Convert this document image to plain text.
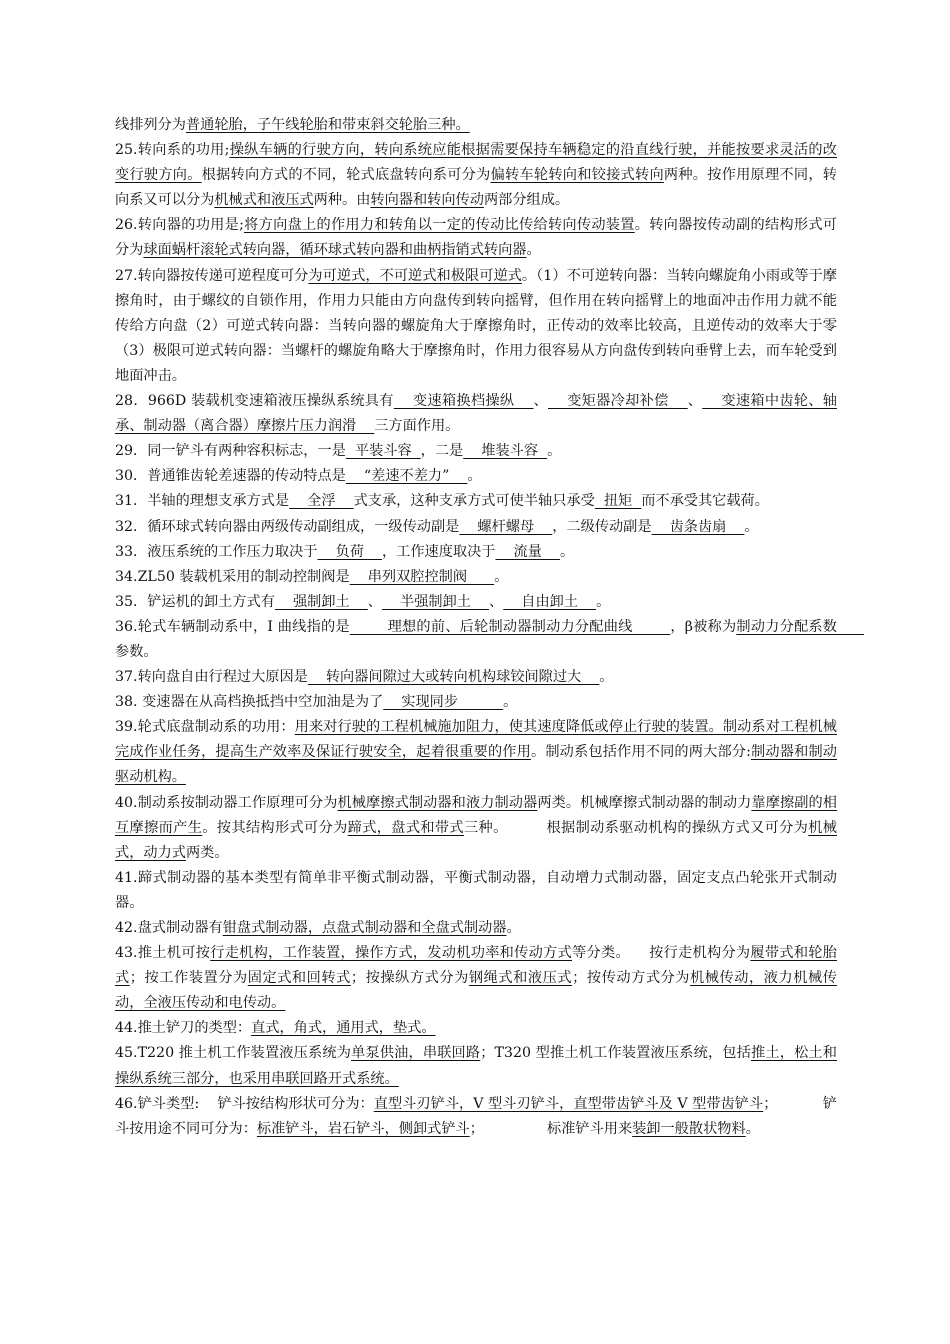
线排列分为普通轮胎，子午线轮胎和带束斜交轮胎三种。

25.转向系的功用;操纵车辆的行驶方向，转向系统应能根据需要保持车辆稳定的沿直线行驶，并能按要求灵活的改变行驶方向。根据转向方式的不同，轮式底盘转向系可分为偏转车轮转向和铰接式转向两种。按作用原理不同，转向系又可以分为机械式和液压式两种。由转向器和转向传动两部分组成。

26.转向器的功用是;将方向盘上的作用力和转角以一定的传动比传给转向传动装置。转向器按传动副的结构形式可分为球面蜗杆滚轮式转向器，循环球式转向器和曲柄指销式转向器。

27.转向器按传递可逆程度可分为可逆式，不可逆式和极限可逆式。（1）不可逆转向器：当转向螺旋角小雨或等于摩擦角时，由于螺纹的自锁作用，作用力只能由方向盘传到转向摇臂，但作用在转向摇臂上的地面冲击作用力就不能传给方向盘（2）可逆式转向器：当转向器的螺旋角大于摩擦角时，正传动的效率比较高，且逆传动的效率大于零（3）极限可逆式转向器：当螺杆的螺旋角略大于摩擦角时，作用力很容易从方向盘传到转向垂臂上去，而车轮受到地面冲击。

28．966D 装载机变速箱液压操纵系统具有    变速箱换档操纵    、    变矩器冷却补偿    、    变速箱中齿轮、轴承、制动器（离合器）摩擦片压力润滑    三方面作用。

29．同一铲斗有两种容积标志，一是  平装斗容  ，二是    堆装斗容  。

30．普通锥齿轮差速器的传动特点是    “差速不差力”    。

31．半轴的理想支承方式是    全浮    式支承，这种支承方式可使半轴只承受  扭矩  而不承受其它载荷。

32．循环球式转向器由两级传动副组成，一级传动副是    螺杆螺母    ，二级传动副是    齿条齿扇    。

33．液压系统的工作压力取决于    负荷    ，工作速度取决于    流量    。

34.ZL50 装载机采用的制动控制阀是    串列双腔控制阀      。

35．铲运机的卸土方式有    强制卸土    、    半强制卸土    、    自由卸土    。

36.轮式车辆制动系中，I 曲线指的是        理想的前、后轮制动器制动力分配曲线        ，β被称为制动力分配系数      参数。

37.转向盘自由行程过大原因是    转向器间隙过大或转向机构球铰间隙过大    。

38. 变速器在从高档换抵挡中空加油是为了    实现同步          。

39.轮式底盘制动系的功用：用来对行驶的工程机械施加阻力，使其速度降低或停止行驶的装置。制动系对工程机械完成作业任务，提高生产效率及保证行驶安全，起着很重要的作用。制动系包括作用不同的两大部分:制动器和制动驱动机构。

40.制动系按制动器工作原理可分为机械摩擦式制动器和液力制动器两类。机械摩擦式制动器的制动力靠摩擦副的相互摩擦而产生。按其结构形式可分为蹄式，盘式和带式三种。        根据制动系驱动机构的操纵方式又可分为机械式，动力式两类。

41.蹄式制动器的基本类型有简单非平衡式制动器，平衡式制动器，自动增力式制动器，固定支点凸轮张开式制动器。

42.盘式制动器有钳盘式制动器，点盘式制动器和全盘式制动器。

43.推土机可按行走机构，工作装置，操作方式，发动机功率和传动方式等分类。    按行走机构分为履带式和轮胎式；按工作装置分为固定式和回转式；按操纵方式分为钢绳式和液压式；按传动方式分为机械传动，液力机械传动，全液压传动和电传动。

44.推土铲刀的类型：直式，角式，通用式，垫式。

45.T220 推土机工作装置液压系统为单泵供油，串联回路；T320 型推土机工作装置液压系统，包括推土，松土和操纵系统三部分，也采用串联回路开式系统。

46.铲斗类型:    铲斗按结构形状可分为：直型斗刃铲斗，V 型斗刃铲斗，直型带齿铲斗及 V 型带齿铲斗；          铲斗按用途不同可分为：标准铲斗，岩石铲斗，侧卸式铲斗；              标准铲斗用来装卸一般散状物料。
